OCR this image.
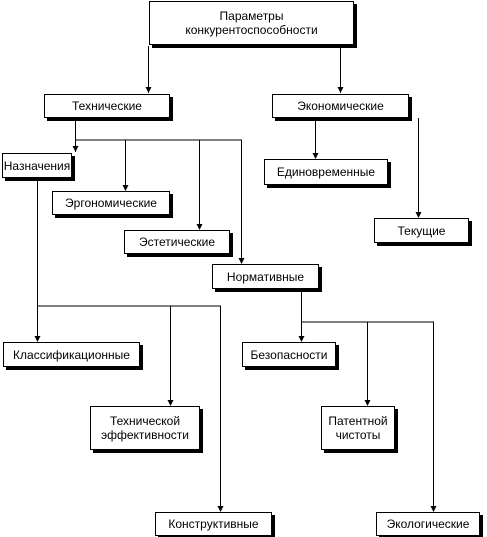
Параметры
конкурентоспособности
Технические	Экономические
Назначения
Эргономические
Эстетические
Нормативные
Единовременные
Текущие
Классификационные
Технической
эффективности
Конструктивные
Безопасности
Патентной
чистоты
Экологические
